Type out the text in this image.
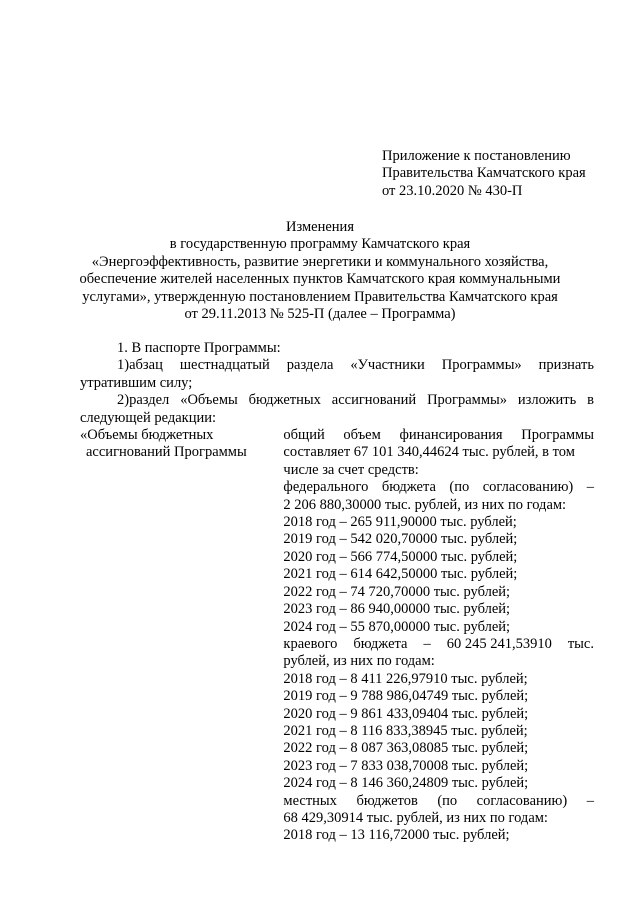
Приложение к постановлению
Правительства Камчатского края
от 23.10.2020 № 430-П
Изменения
в государственную программу Камчатского края
«Энергоэффективность, развитие энергетики и коммунального хозяйства,
обеспечение жителей населенных пунктов Камчатского края коммунальными
услугами», утвержденную постановлением Правительства Камчатского края
от 29.11.2013 № 525-П (далее – Программа)

1. В паспорте Программы:

1) абзац шестнадцатый раздела «Участники Программы» признать
утратившим силу;
2) раздел «Объемы бюджетных ассигнований Программы» изложить в
следующей редакции:
«Объемы бюджетных
ассигнований Программы
общий объем финансирования Программы
составляет 67 101 340,44624 тыс. рублей, в том
числе за счет средств:
федерального бюджета (по согласованию) –
2 206 880,30000 тыс. рублей, из них по годам:
2018 год – 265 911,90000 тыс. рублей;
2019 год – 542 020,70000 тыс. рублей;
2020 год – 566 774,50000 тыс. рублей;
2021 год – 614 642,50000 тыс. рублей;
2022 год – 74 720,70000 тыс. рублей;
2023 год – 86 940,00000 тыс. рублей;
2024 год – 55 870,00000 тыс. рублей;
краевого бюджета – 60 245 241,53910 тыс.
рублей, из них по годам:
2018 год – 8 411 226,97910 тыс. рублей;
2019 год – 9 788 986,04749 тыс. рублей;
2020 год – 9 861 433,09404 тыс. рублей;
2021 год – 8 116 833,38945 тыс. рублей;
2022 год – 8 087 363,08085 тыс. рублей;
2023 год – 7 833 038,70008 тыс. рублей;
2024 год – 8 146 360,24809 тыс. рублей;
местных бюджетов (по согласованию) –
68 429,30914 тыс. рублей, из них по годам:
2018 год – 13 116,72000 тыс. рублей;
